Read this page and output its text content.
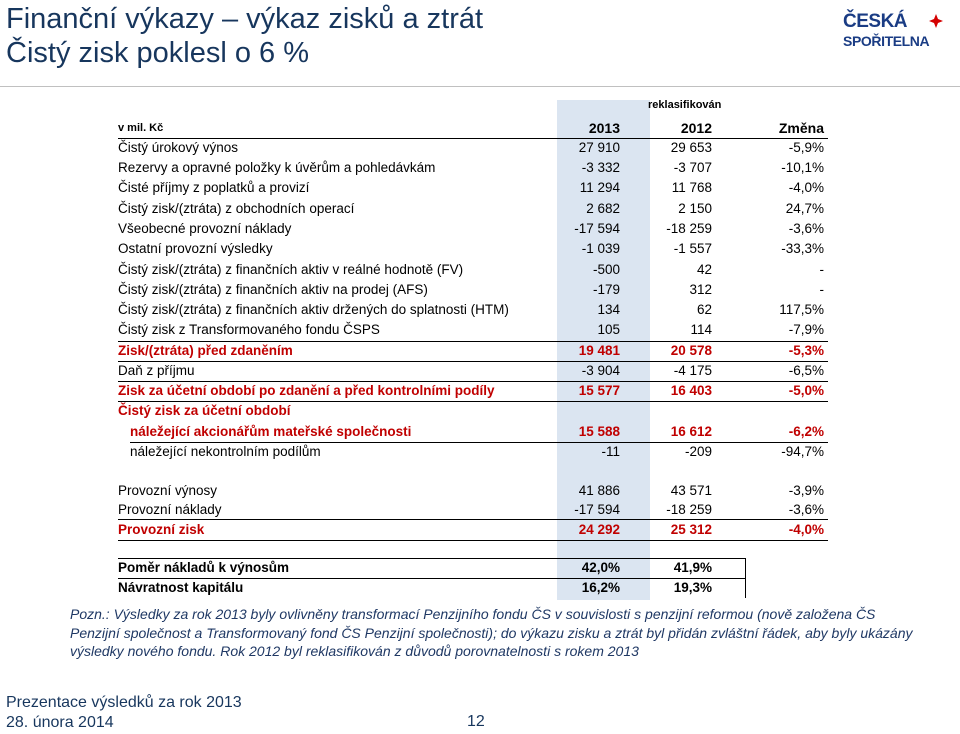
Finanční výkazy – výkaz zisků a ztrát
Čistý zisk poklesl o 6 %
ČESKÁ
SPOŘITELNA
reklasifikován
v mil. Kč	2013	2012	Změna
Čistý úrokový výnos	27 910	29 653	-5,9%
Rezervy a opravné položky k úvěrům a pohledávkám	-3 332	-3 707	-10,1%
Čisté příjmy z poplatků a provizí	11 294	11 768	-4,0%
Čistý zisk/(ztráta) z obchodních operací	2 682	2 150	24,7%
Všeobecné provozní náklady	-17 594	-18 259	-3,6%
Ostatní provozní výsledky	-1 039	-1 557	-33,3%
Čistý zisk/(ztráta) z finančních aktiv v reálné hodnotě (FV)	-500	42	-
Čistý zisk/(ztráta) z finančních aktiv na prodej (AFS)	-179	312	-
Čistý zisk/(ztráta) z finančních aktiv držených do splatnosti (HTM)	134	62	117,5%
Čistý zisk z Transformovaného fondu ČSPS	105	114	-7,9%
Zisk/(ztráta) před zdaněním	19 481	20 578	-5,3%
Daň z příjmu	-3 904	-4 175	-6,5%
Zisk za účetní období po zdanění a před kontrolními podíly	15 577	16 403	-5,0%
Čistý zisk za účetní období
náležející akcionářům mateřské společnosti	15 588	16 612	-6,2%
náležející nekontrolním podílům	-11	-209	-94,7%
Provozní výnosy	41 886	43 571	-3,9%
Provozní náklady	-17 594	-18 259	-3,6%
Provozní zisk	24 292	25 312	-4,0%
Poměr nákladů k výnosům	42,0%	41,9%
Návratnost kapitálu	16,2%	19,3%
Pozn.: Výsledky za rok 2013 byly ovlivněny transformací Penzijního fondu ČS v souvislosti s penzijní reformou (nově založena ČS Penzijní společnost a Transformovaný fond ČS Penzijní společnosti); do výkazu zisku a ztrát byl přidán zvláštní řádek, aby byly ukázány výsledky nového fondu. Rok 2012 byl reklasifikován z důvodů porovnatelnosti s rokem 2013
Prezentace výsledků za rok 2013
28. února 2014	12
